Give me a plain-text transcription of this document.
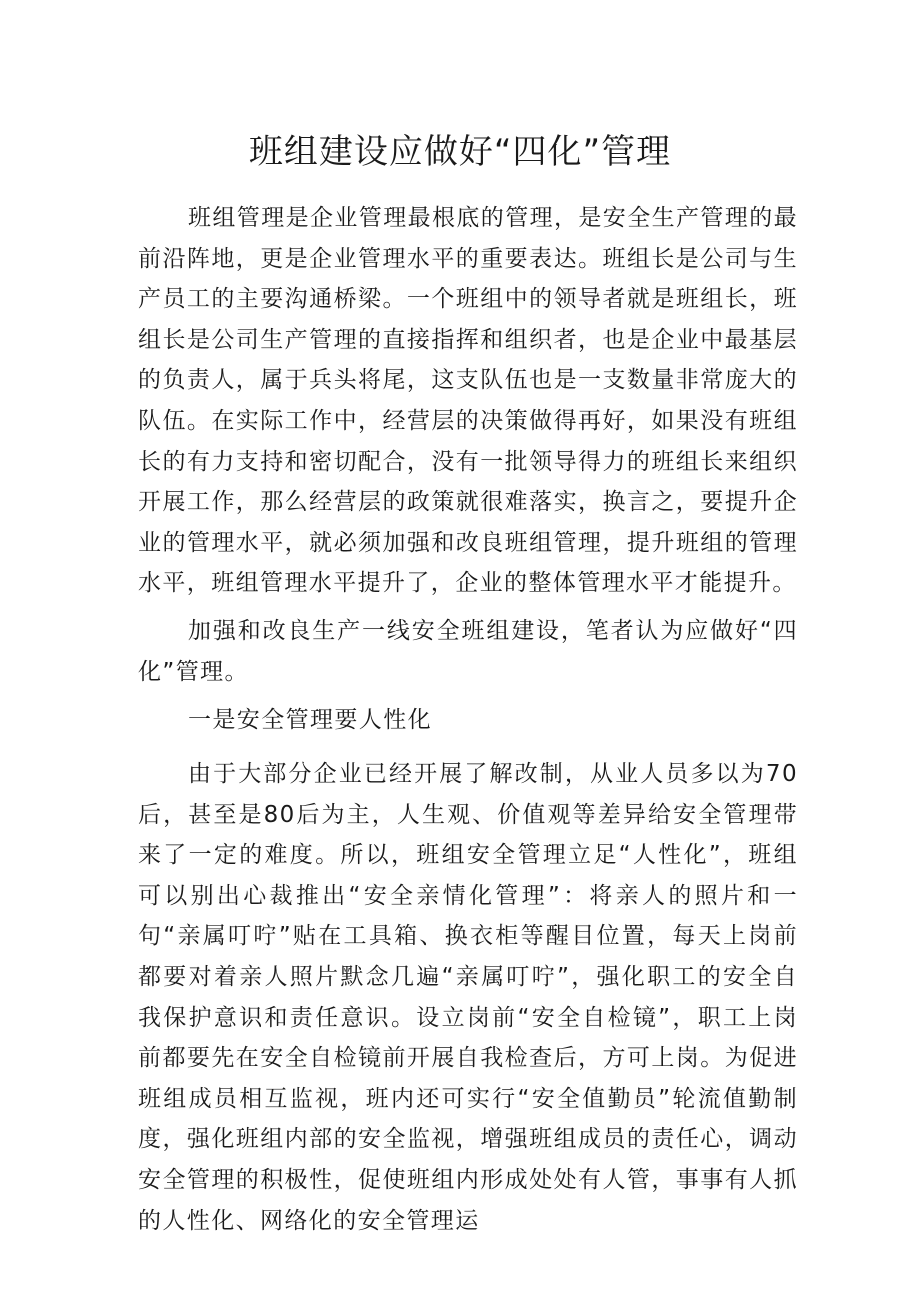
班组建设应做好“四化”管理

班组管理是企业管理最根底的管理，是安全生产管理的最前沿阵地，更是企业管理水平的重要表达。班组长是公司与生产员工的主要沟通桥梁。一个班组中的领导者就是班组长，班组长是公司生产管理的直接指挥和组织者，也是企业中最基层的负责人，属于兵头将尾，这支队伍也是一支数量非常庞大的队伍。在实际工作中，经营层的决策做得再好，如果没有班组长的有力支持和密切配合，没有一批领导得力的班组长来组织开展工作，那么经营层的政策就很难落实，换言之，要提升企业的管理水平，就必须加强和改良班组管理，提升班组的管理水平，班组管理水平提升了，企业的整体管理水平才能提升。

加强和改良生产一线安全班组建设，笔者认为应做好“四化”管理。

一是安全管理要人性化

由于大部分企业已经开展了解改制，从业人员多以为70后，甚至是80后为主，人生观、价值观等差异给安全管理带来了一定的难度。所以，班组安全管理立足“人性化”，班组可以别出心裁推出“安全亲情化管理”：将亲人的照片和一句“亲属叮咛”贴在工具箱、换衣柜等醒目位置，每天上岗前都要对着亲人照片默念几遍“亲属叮咛”，强化职工的安全自我保护意识和责任意识。设立岗前“安全自检镜”，职工上岗前都要先在安全自检镜前开展自我检查后，方可上岗。为促进班组成员相互监视，班内还可实行“安全值勤员”轮流值勤制度，强化班组内部的安全监视，增强班组成员的责任心，调动安全管理的积极性，促使班组内形成处处有人管，事事有人抓的人性化、网络化的安全管理运
